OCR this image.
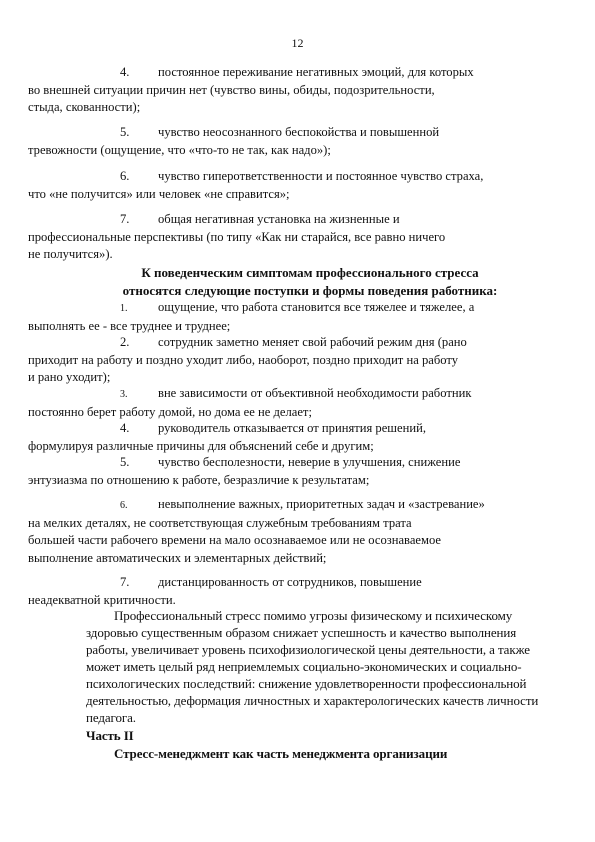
12
4. постоянное переживание негативных эмоций, для которых
во внешней ситуации причин нет (чувство вины, обиды, подозрительности, стыда, скованности);
5. чувство неосознанного беспокойства и повышенной
тревожности (ощущение, что «что-то не так, как надо»);
6. чувство гиперответственности и постоянное чувство страха,
что «не получится» или человек «не справится»;
7. общая негативная установка на жизненные и
профессиональные перспективы (по типу «Как ни старайся, все равно ничего не получится»).
К поведенческим симптомам профессионального стресса
относятся следующие поступки и формы поведения работника:
1. ощущение, что работа становится все тяжелее и тяжелее, а
выполнять ее - все труднее и труднее;
2. сотрудник заметно меняет свой рабочий режим дня (рано
приходит на работу и поздно уходит либо, наоборот, поздно приходит на работу и рано уходит);
3. вне зависимости от объективной необходимости работник
постоянно берет работу домой, но дома ее не делает;
4. руководитель отказывается от принятия решений,
формулируя различные причины для объяснений себе и другим;
5. чувство бесполезности, неверие в улучшения, снижение
энтузиазма по отношению к работе, безразличие к результатам;
6. невыполнение важных, приоритетных задач и «застревание»
на мелких деталях, не соответствующая служебным требованиям трата большей части рабочего времени на мало осознаваемое или не осознаваемое выполнение автоматических и элементарных действий;
7. дистанцированность от сотрудников, повышение
неадекватной критичности.
Профессиональный стресс помимо угрозы физическому и психическому здоровью существенным образом снижает успешность и качество выполнения работы, увеличивает уровень психофизиологической цены деятельности, а также может иметь целый ряд неприемлемых социально-экономических и социально-психологических последствий: снижение удовлетворенности профессиональной деятельностью, деформация личностных и характерологических качеств личности педагога.
Часть II
Стресс-менеджмент как часть менеджмента организации
